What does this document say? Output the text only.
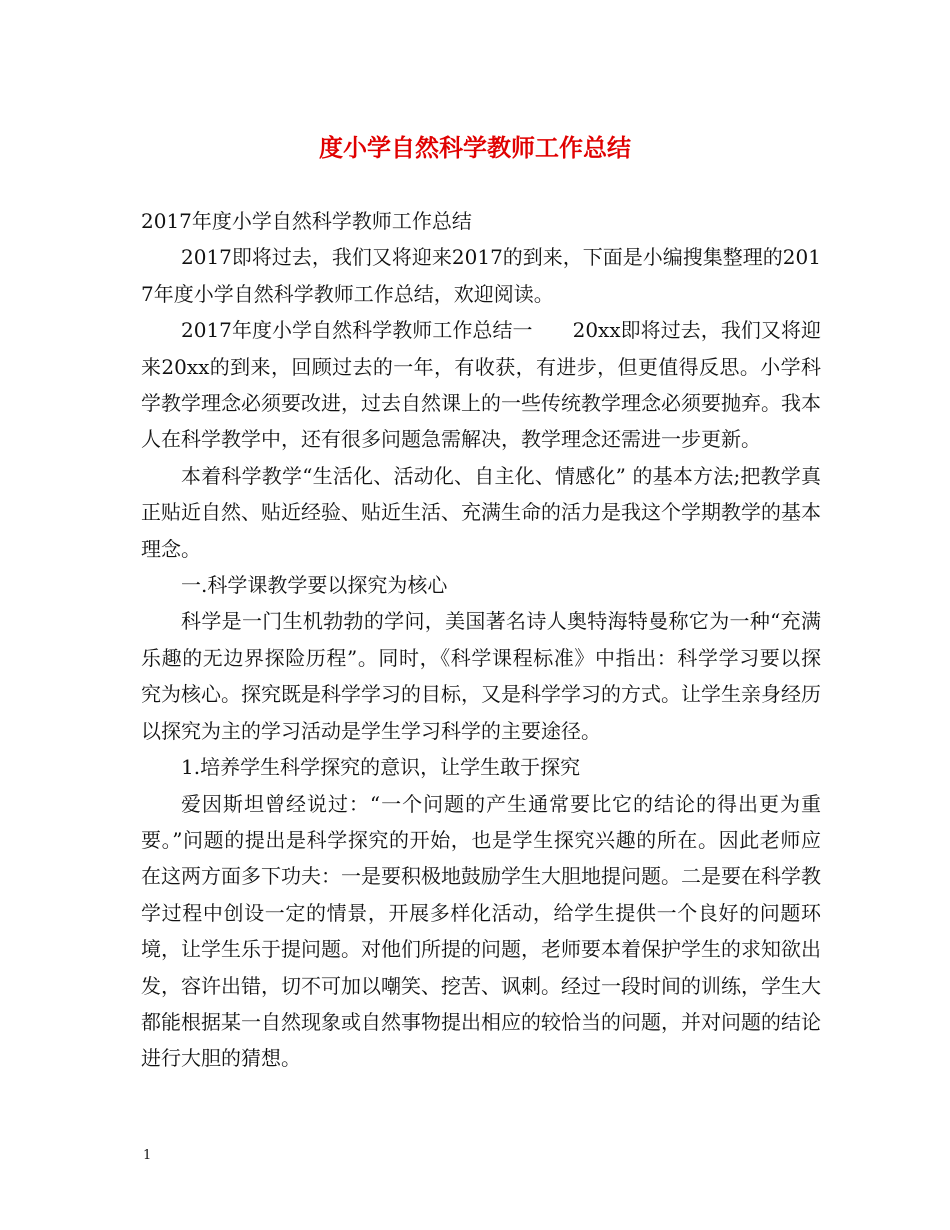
度小学自然科学教师工作总结

2017年度小学自然科学教师工作总结

2017即将过去，我们又将迎来2017的到来，下面是小编搜集整理的2017年度小学自然科学教师工作总结，欢迎阅读。

2017年度小学自然科学教师工作总结一　　20xx即将过去，我们又将迎来20xx的到来，回顾过去的一年，有收获，有进步，但更值得反思。小学科学教学理念必须要改进，过去自然课上的一些传统教学理念必须要抛弃。我本人在科学教学中，还有很多问题急需解决，教学理念还需进一步更新。

本着科学教学“生活化、活动化、自主化、情感化” 的基本方法;把教学真正贴近自然、贴近经验、贴近生活、充满生命的活力是我这个学期教学的基本理念。

一.科学课教学要以探究为核心

科学是一门生机勃勃的学问，美国著名诗人奥特海特曼称它为一种“充满乐趣的无边界探险历程”。同时，《科学课程标准》中指出：科学学习要以探究为核心。探究既是科学学习的目标，又是科学学习的方式。让学生亲身经历以探究为主的学习活动是学生学习科学的主要途径。

1.培养学生科学探究的意识，让学生敢于探究

爱因斯坦曾经说过：“一个问题的产生通常要比它的结论的得出更为重要。”问题的提出是科学探究的开始，也是学生探究兴趣的所在。因此老师应在这两方面多下功夫：一是要积极地鼓励学生大胆地提问题。二是要在科学教学过程中创设一定的情景，开展多样化活动，给学生提供一个良好的问题环境，让学生乐于提问题。对他们所提的问题，老师要本着保护学生的求知欲出发，容许出错，切不可加以嘲笑、挖苦、讽刺。经过一段时间的训练，学生大都能根据某一自然现象或自然事物提出相应的较恰当的问题，并对问题的结论进行大胆的猜想。

1
